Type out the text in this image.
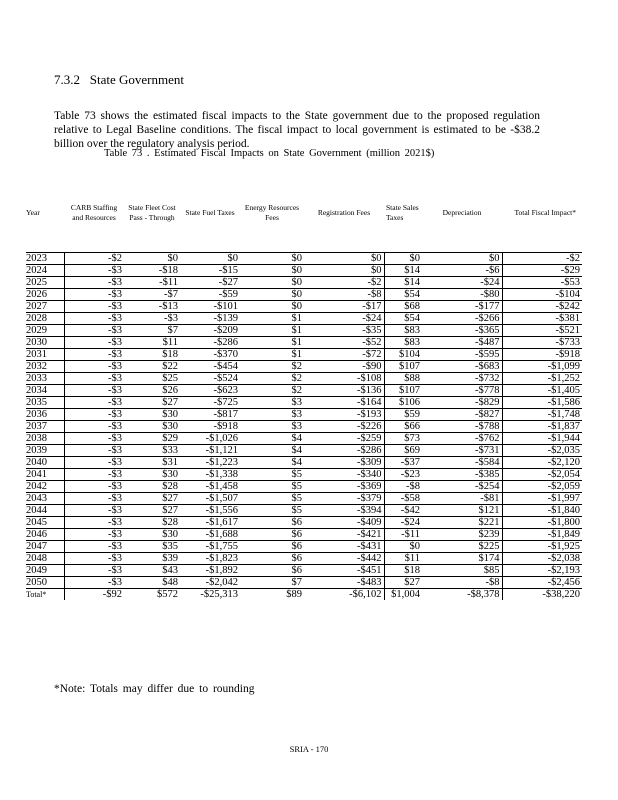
7.3.2 State Government

Table 73 shows the estimated fiscal impacts to the State government due to the proposed regulation relative to Legal Baseline conditions. The fiscal impact to local government is estimated to be -$38.2 billion over the regulatory analysis period.

Table 73 . Estimated Fiscal Impacts on State Government (million 2021$)
Year	CARB Staffing and Resources	State Fleet Cost Pass - Through	State Fuel Taxes	Energy Resources Fees	Registration Fees	State Sales Taxes	Depreciation	Total Fiscal Impact*
2023	-$2	$0	$0	$0	$0	$0	$0	-$2
2024	-$3	-$18	-$15	$0	$0	$14	-$6	-$29
2025	-$3	-$11	-$27	$0	-$2	$14	-$24	-$53
2026	-$3	-$7	-$59	$0	-$8	$54	-$80	-$104
2027	-$3	-$13	-$101	$0	-$17	$68	-$177	-$242
2028	-$3	-$3	-$139	$1	-$24	$54	-$266	-$381
2029	-$3	$7	-$209	$1	-$35	$83	-$365	-$521
2030	-$3	$11	-$286	$1	-$52	$83	-$487	-$733
2031	-$3	$18	-$370	$1	-$72	$104	-$595	-$918
2032	-$3	$22	-$454	$2	-$90	$107	-$683	-$1,099
2033	-$3	$25	-$524	$2	-$108	$88	-$732	-$1,252
2034	-$3	$26	-$623	$2	-$136	$107	-$778	-$1,405
2035	-$3	$27	-$725	$3	-$164	$106	-$829	-$1,586
2036	-$3	$30	-$817	$3	-$193	$59	-$827	-$1,748
2037	-$3	$30	-$918	$3	-$226	$66	-$788	-$1,837
2038	-$3	$29	-$1,026	$4	-$259	$73	-$762	-$1,944
2039	-$3	$33	-$1,121	$4	-$286	$69	-$731	-$2,035
2040	-$3	$31	-$1,223	$4	-$309	-$37	-$584	-$2,120
2041	-$3	$30	-$1,338	$5	-$340	-$23	-$385	-$2,054
2042	-$3	$28	-$1,458	$5	-$369	-$8	-$254	-$2,059
2043	-$3	$27	-$1,507	$5	-$379	-$58	-$81	-$1,997
2044	-$3	$27	-$1,556	$5	-$394	-$42	$121	-$1,840
2045	-$3	$28	-$1,617	$6	-$409	-$24	$221	-$1,800
2046	-$3	$30	-$1,688	$6	-$421	-$11	$239	-$1,849
2047	-$3	$35	-$1,755	$6	-$431	$0	$225	-$1,925
2048	-$3	$39	-$1,823	$6	-$442	$11	$174	-$2,038
2049	-$3	$43	-$1,892	$6	-$451	$18	$85	-$2,193
2050	-$3	$48	-$2,042	$7	-$483	$27	-$8	-$2,456
Total*	-$92	$572	-$25,313	$89	-$6,102	$1,004	-$8,378	-$38,220
*Note: Totals may differ due to rounding
SRIA - 170
